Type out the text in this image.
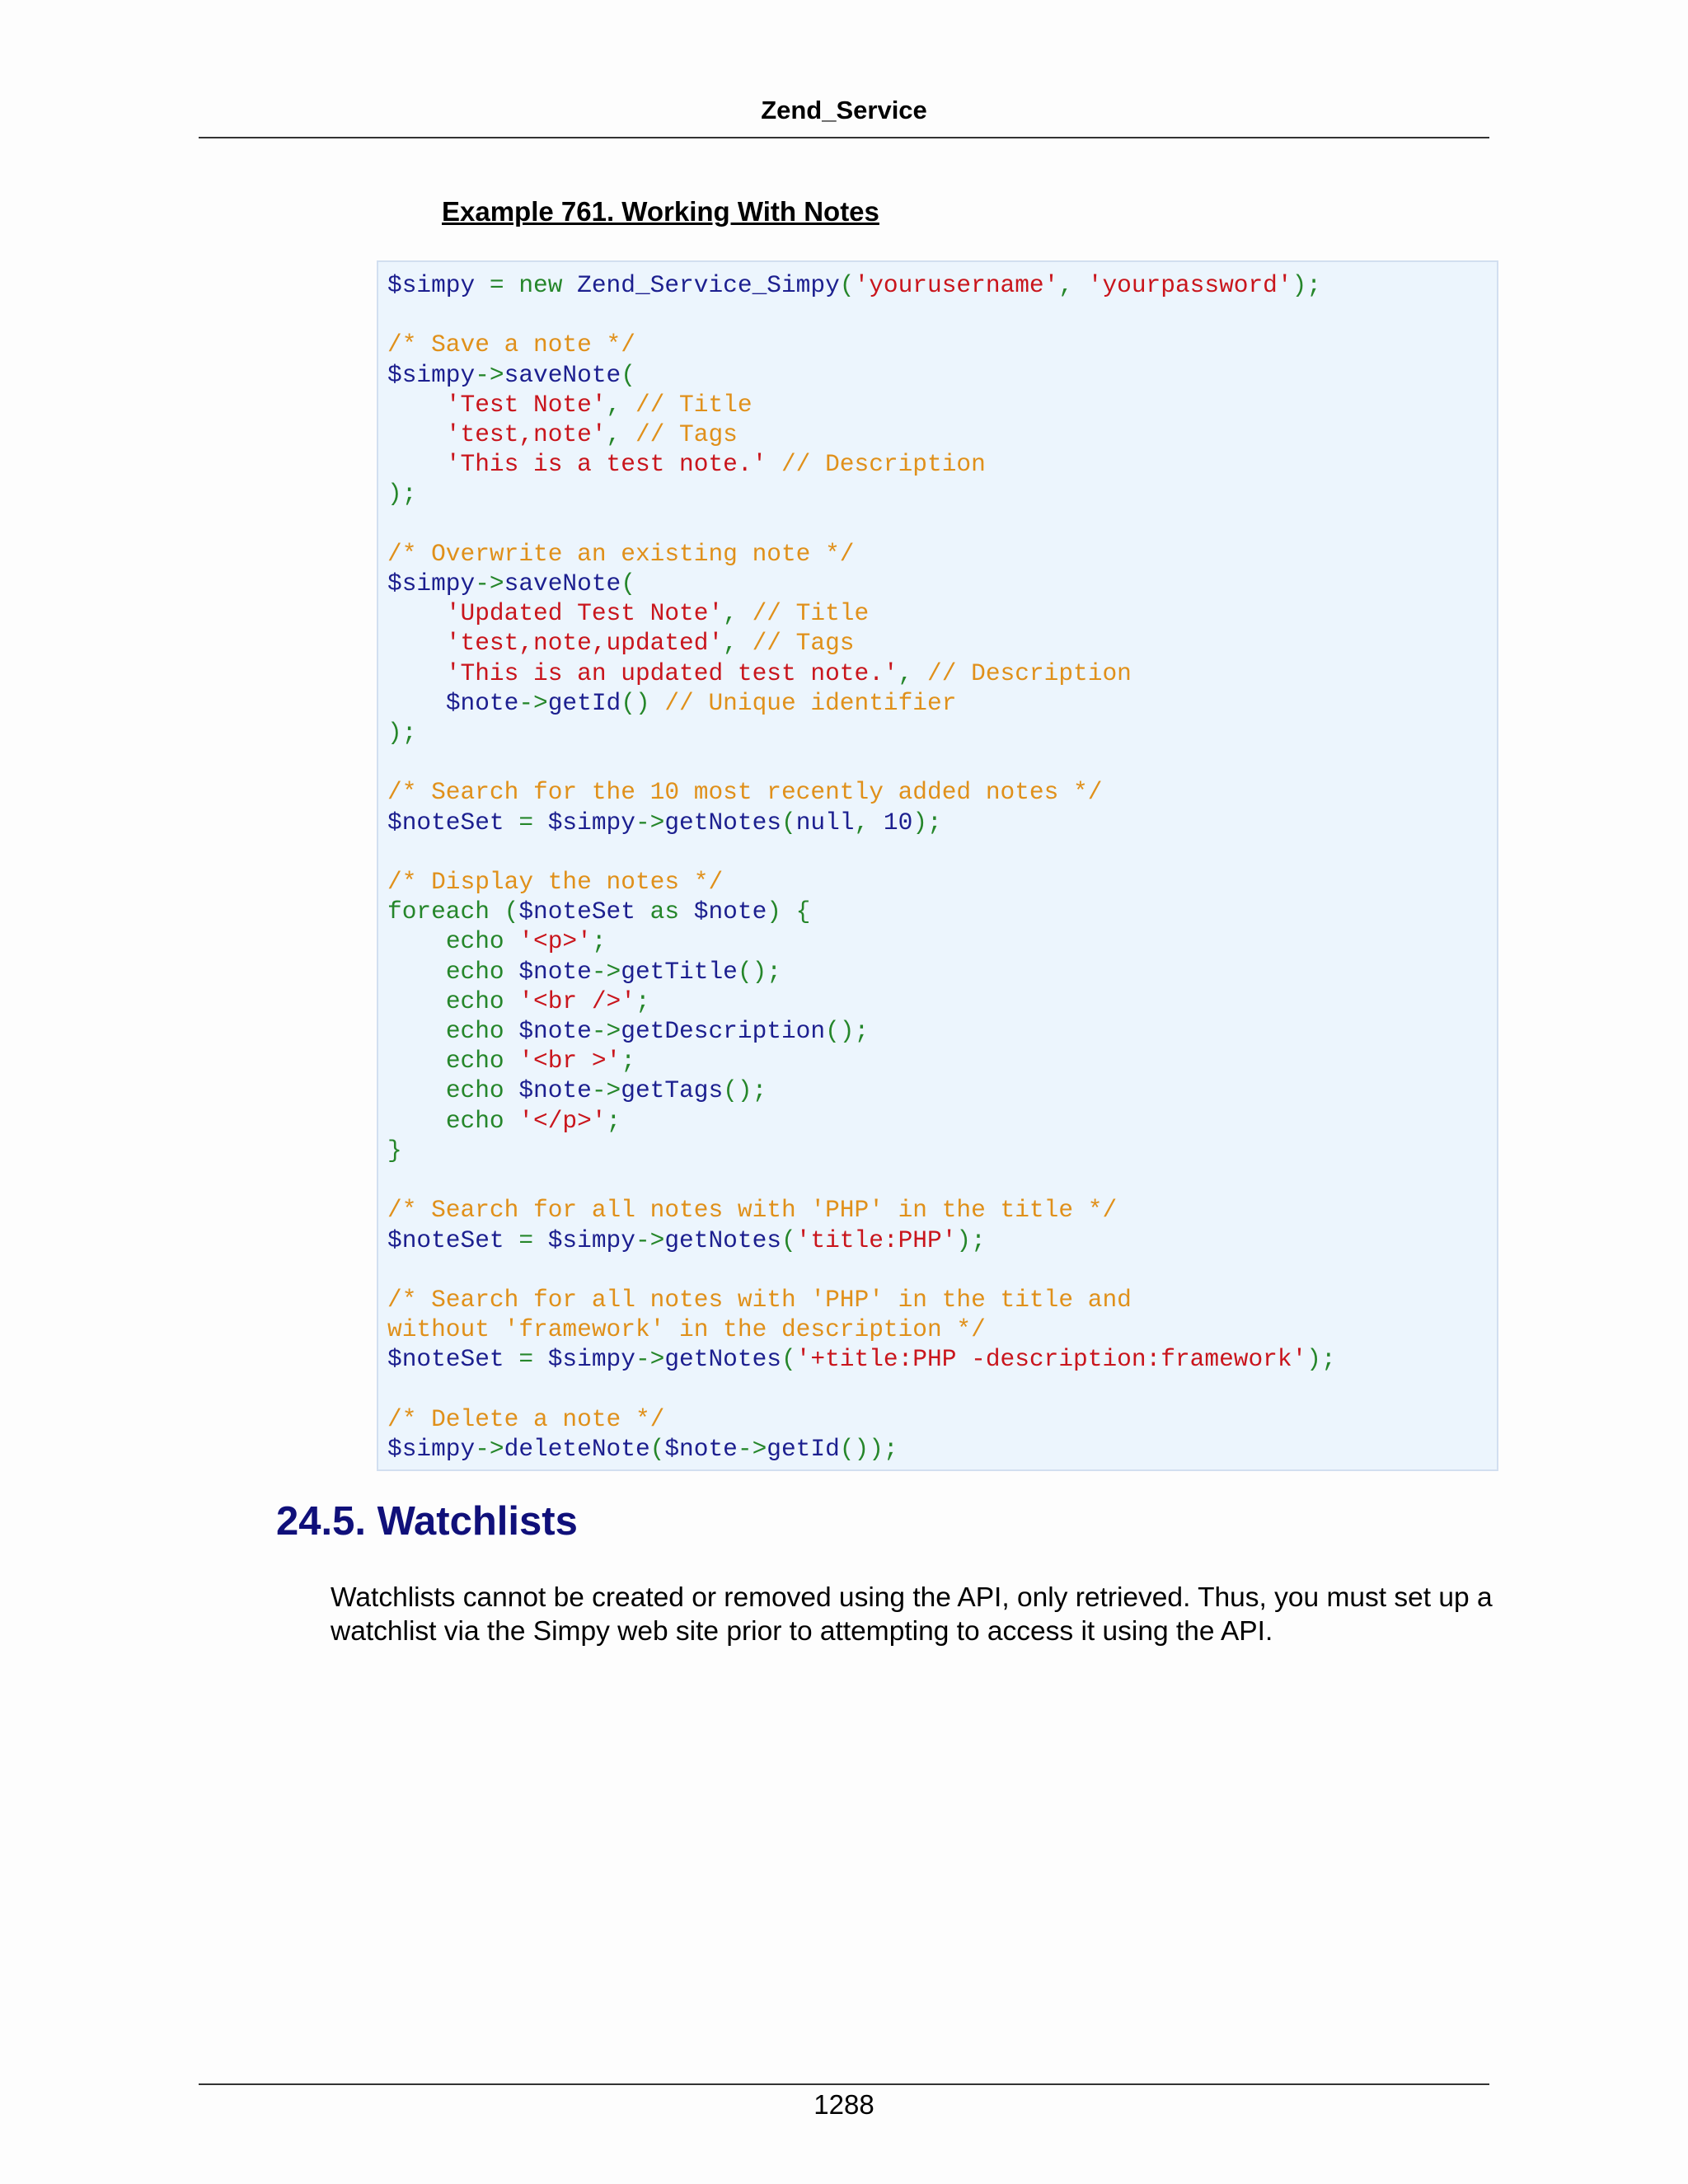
Zend_Service
Example 761. Working With Notes
$simpy = new Zend_Service_Simpy('yourusername', 'yourpassword');

/* Save a note */
$simpy->saveNote(
'Test Note', // Title
'test,note', // Tags
'This is a test note.' // Description
);

/* Overwrite an existing note */
$simpy->saveNote(
'Updated Test Note', // Title
'test,note,updated', // Tags
'This is an updated test note.', // Description
$note->getId() // Unique identifier
);

/* Search for the 10 most recently added notes */
$noteSet = $simpy->getNotes(null, 10);

/* Display the notes */
foreach ($noteSet as $note) {
echo '<p>';
echo $note->getTitle();
echo '<br />';
echo $note->getDescription();
echo '<br >';
echo $note->getTags();
echo '</p>';
}

/* Search for all notes with 'PHP' in the title */
$noteSet = $simpy->getNotes('title:PHP');

/* Search for all notes with 'PHP' in the title and
without 'framework' in the description */
$noteSet = $simpy->getNotes('+title:PHP -description:framework');

/* Delete a note */
$simpy->deleteNote($note->getId());
24.5. Watchlists
Watchlists cannot be created or removed using the API, only retrieved. Thus, you must set up a watchlist via the Simpy web site prior to attempting to access it using the API.
1288
